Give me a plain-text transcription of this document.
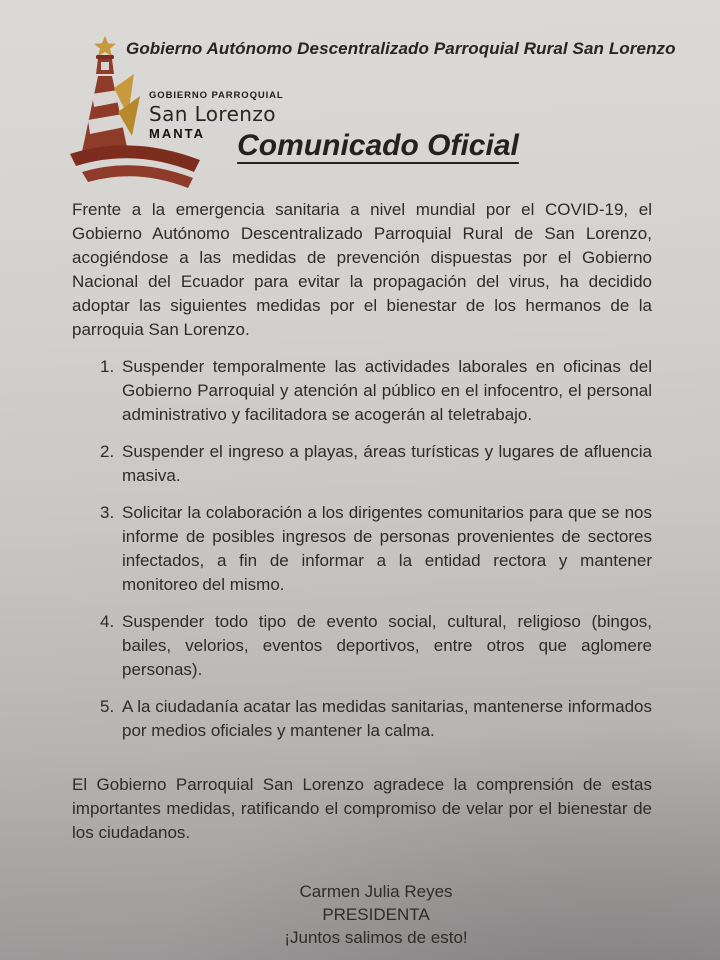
Gobierno Autónomo Descentralizado Parroquial Rural San Lorenzo
GOBIERNO PARROQUIAL
San Lorenzo
MANTA	Comunicado Oficial

Frente a la emergencia sanitaria a nivel mundial por el COVID-19, el Gobierno Autónomo Descentralizado Parroquial Rural de San Lorenzo, acogiéndose a las medidas de prevención dispuestas por el Gobierno Nacional del Ecuador para evitar la propagación del virus, ha decidido adoptar las siguientes medidas por el bienestar de los hermanos de la parroquia San Lorenzo.

1. Suspender temporalmente las actividades laborales en oficinas del Gobierno Parroquial y atención al público en el infocentro, el personal administrativo y facilitadora se acogerán al teletrabajo.
2. Suspender el ingreso a playas, áreas turísticas y lugares de afluencia masiva.
3. Solicitar la colaboración a los dirigentes comunitarios para que se nos informe de posibles ingresos de personas provenientes de sectores infectados, a fin de informar a la entidad rectora y mantener monitoreo del mismo.
4. Suspender todo tipo de evento social, cultural, religioso (bingos, bailes, velorios, eventos deportivos, entre otros que aglomere personas).
5. A la ciudadanía acatar las medidas sanitarias, mantenerse informados por medios oficiales y mantener la calma.

El Gobierno Parroquial San Lorenzo agradece la comprensión de estas importantes medidas, ratificando el compromiso de velar por el bienestar de los ciudadanos.

Carmen Julia Reyes
PRESIDENTA
¡Juntos salimos de esto!
